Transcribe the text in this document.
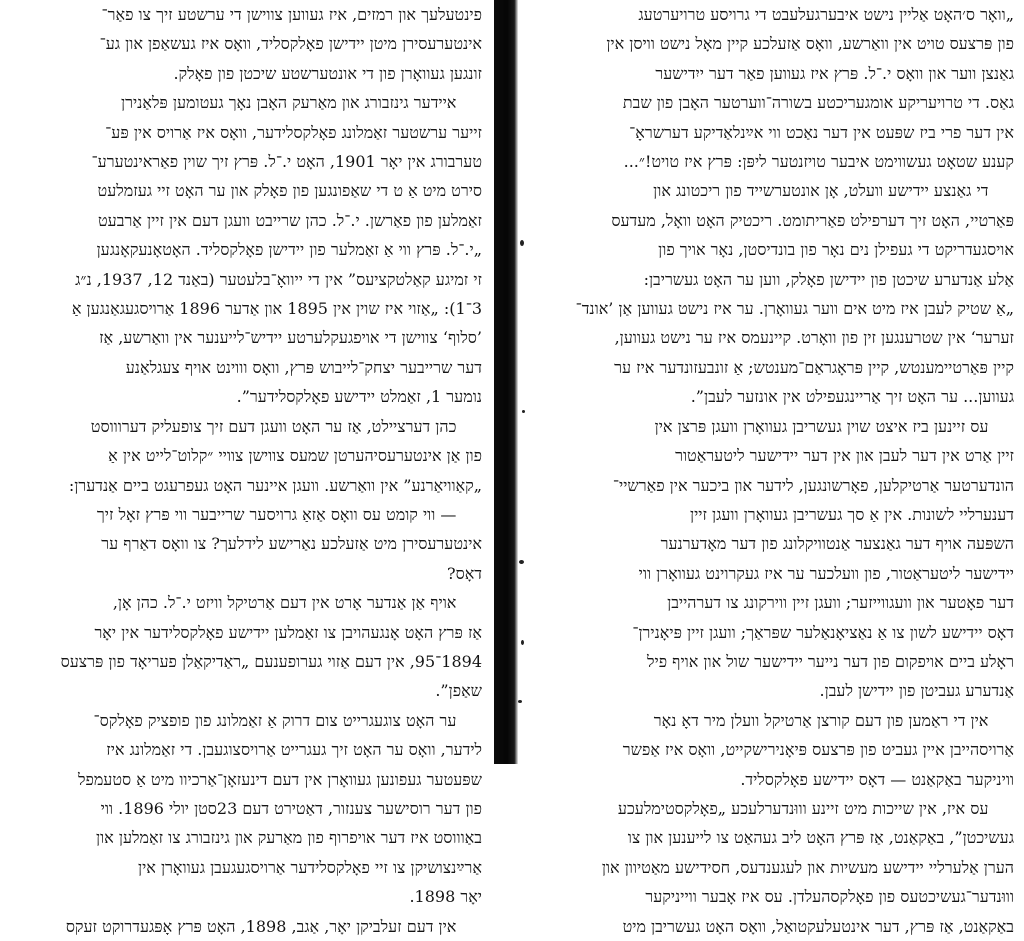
פינטעלעך און רמזים, איז געווען צווישן די ערשטע זיך צו פאַר־
אינטערעסירן מיטן יידישן פאָלקסליד, וואָס איז געשאַפן און גע־
זונגען געוואָרן פון די אונטערשטע שיכטן פון פאָלק.

איידער גינזבורג און מאַרעק האָבן נאָך געטומען פּלאַנירן
זייער ערשטער זאַמלונג פאָלקסלידער, וואָס איז אַרויס אין פּע־
טערבורג אין יאָר 1901, האָט י.־ל. פּרץ זיך שוין פאַראינטערע־
סירט מיט אַ ט די שאַפונגען פון פאָלק און ער האָט זיי געזמלעט
זאַמלען פון פאַרשן. י.־ל. כהן שרייבט וועגן דעם אין זיין אַרבעט
„י.־ל. פּרץ ווי אַ זאַמלער פון יידישן פאָלקסליד. האָטאָנעקאָנגען
זי זמיגע קאַלטקציעס” אין די ייוואָ־בלעטער (באַנד 12, 1937, נ״ג
3־1): „אַזוי איז שוין אין 1895 און אַדער 1896 אַרויסגעגאַנגען אַ
’סלוף‘ צווישן די אויפגעקלערטע יידיש־לייענער אין וואַרשע, אַז
דער שרייבער יצחק־לייבוש פּרץ, וואָס וווינט אויף צעגלאַנע
נומער 1, זאַמלט יידישע פאָלקסלידער”.

כהן דערציילט, אַז ער האָט וועגן דעם זיך צופעליק דערוווסט
פון אַן אינטערעסיהערטן שמעס צווישן צוויי ״קלוט־לייט אין אַ
„קאַוויאַרנע” אין וואַרשע. וועגן איינער האָט געפרעגט ביים אַנדערן:

— ווי קומט עס וואָס אַזאַ גרויסער שרייבער ווי פּרץ זאָל זיך
אינטערעסירן מיט אַזעלכע נאַרישע לידלעך? צו וואָס דאַרף ער
דאָס?

אויף אַן אַנדער אָרט אין דעם אַרטיקל וויזט י.־ל. כהן אָן,
אַז פּרץ האָט אָנגעהויבן צו זאַמלען יידישע פאָלקסלידער אין יאָר
1894־95, אין דעם אַזוי גערופענעם „ראַדיקאַלן פעריאָד פון פּרצעס
שאַפן”.

ער האָט צוגעגרייט צום דרוק אַ זאַמלונג פון פופציק פאָלקס־
לידער, וואָס ער האָט זיך געגרייט אַרויסצוגעבן. די זאַמלונג איז
שפּעטער געפונען געוואָרן אין דעם דינעזאָן־אַרכיוו מיט אַ סטעמפל
פון דער רוסישער צענזור, דאַטירט דעם 23סטן יולי 1896. ווי
באַוווסט איז דער אויפרוף פון מאַרעק און גינזבורג צו זאַמלען און
אַרײַנצושיקן צו זיי פאָלקסלידער אַרויסגעגעבן געוואָרן אין
יאָר 1898.

אין דעם זעלביקן יאָר, אַגב, 1898, האָט פּרץ אָפּגעדרוקט זעקס

„וואָר ס׳האָט אַליין נישט איבערגעלעבט די גרויסע טרויערטעג
פון פּרצעס טויט אין וואַרשע, וואָס אַזעלכע קיין מאָל נישט וויסן אין
גאַנצן ווער און וואָס י.־ל. פּרץ איז געווען פאַר דער ייִדישער
גאַס. די טרויעריקע אומגעריכטע בשורה־ווערטער האָבן פון שבת
אין דער פרי ביז שפּעט אין דער נאַכט ווי אײַנלאַדיקע דערשראָ־
קענע שטאָט געשווימט איבער טויזנטער ליפּן: פּרץ איז טויט!״...

די גאַנצע יידישע וועלט, אָן אונטערשייד פון ריכטונג און
פּאַרטיי, האָט זיך דערפילט פאַריתומט. ריכטיק האָט וואָל, מעדעס
אויסגעדריקט די געפילן נים נאָר פון בונדיסטן, נאָר אויך פון
אַלע אַנדערע שיכטן פון יידישן פאָלק, ווען ער האָט געשריבן:
„אַ שטיק לעבן איז מיט אים ווער געוואָרן. ער איז נישט געווען אַן ’אונד־
זערער‘ אין שטרענגען זין פון וואָרט. קיינעמס איז ער נישט געווען,
קיין פּאַרטיימענטש, קיין פּראָגראַם־מענטש; אַ זונבעזונדער איז ער
געווען... ער האָט זיך אַריינגעפילט אין אונזער לעבן”.

עס זיינען ביז איצט שוין געשריבן געוואָרן וועגן פּרצן אין
זיין אַרט אין דער לעבן און אין דער יידישער ליטעראַטור
הונדערטער אַרטיקלען, פאָרשונגען, לידער און ביכער אין פאַרשיי־
דענערליי לשונות. אין אַ סך געשריבן געוואָרן וועגן זיין
השפּעה אויף דער גאַנצער אַנטוויקלונג פון דער מאָדערנער
יידישער ליטעראַטור, פון וועלכער ער איז געקרוינט געוואָרן ווי
דער פאָטער און וועגווייזער; וועגן זיין ווירקונג צו דערהייבן
דאָס יידישע לשון צו אַ נאַציאָנאַלער שפּראַך; וועגן זיין פּיאָנירן־
ראָלע ביים אויפקום פון דער נייער יידישער שול און אויף פיל
אַנדערע געביטן פון יידישן לעבן.

אין די ראַמען פון דעם קורצן אַרטיקל וועלן מיר דאָ נאָר
אַרויסהייבן איין געביט פון פּרצעס פּיאָנירישקייט, וואָס איז אַפשר
וויניקער באַקאַנט — דאָס יידישע פאָלקסליד.

עס איז, אין שייכות מיט זיינע וווּנדערלעכע „פאָלקסטימלעכע
געשיכטן”, באַקאַנט, אַז פּרץ האָט ליב געהאַט צו לייענען און צו
הערן אַלערליי יידישע מעשיות און לעגענדעס, חסידישע מאַטיוון און
וווּנדער־געשיכטעס פון פאָלקסהעלדן. עס איז אָבער ווייניקער
באַקאַנט, אַז פּרץ, דער אינטעלעקטואַל, וואָס האָט געשריבן מיט
